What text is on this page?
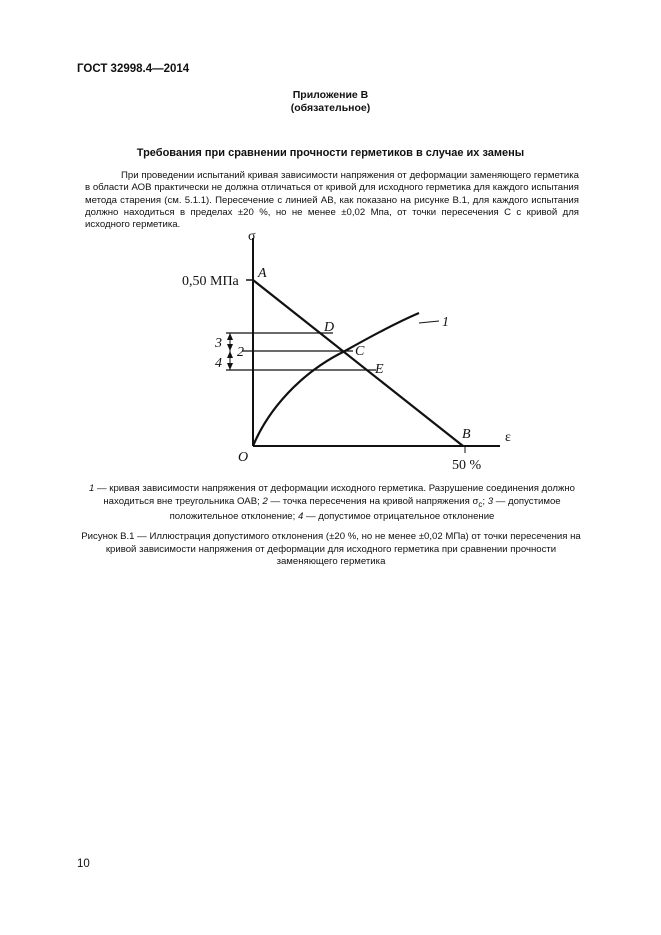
ГОСТ 32998.4—2014
Приложение В
(обязательное)
Требования при сравнении прочности герметиков в случае их замены
При проведении испытаний кривая зависимости напряжения от деформации заменяющего герметика в области АОВ практически не должна отличаться от кривой для исходного герметика для каждого испытания метода старения (см. 5.1.1). Пересечение с линией АВ, как показано на рисунке В.1, для каждого испытания должно находиться в пределах ±20 %, но не менее ±0,02 Мпа, от точки пересечения C с кривой для исходного герметика.
σ
ε
0,50 МПа
50 %
A
B
C
D
E
O
1
2
3
4
1 — кривая зависимости напряжения от деформации исходного герметика. Разрушение соединения должно находиться вне треугольника ОАВ; 2 — точка пересечения на кривой напряжения $\sigma_c$; 3 — допустимое положительное отклонение; 4 — допустимое отрицательное отклонение
Рисунок В.1 — Иллюстрация допустимого отклонения (±20 %, но не менее ±0,02 МПа) от точки пересечения на кривой зависимости напряжения от деформации для исходного герметика при сравнении прочности заменяющего герметика
10
